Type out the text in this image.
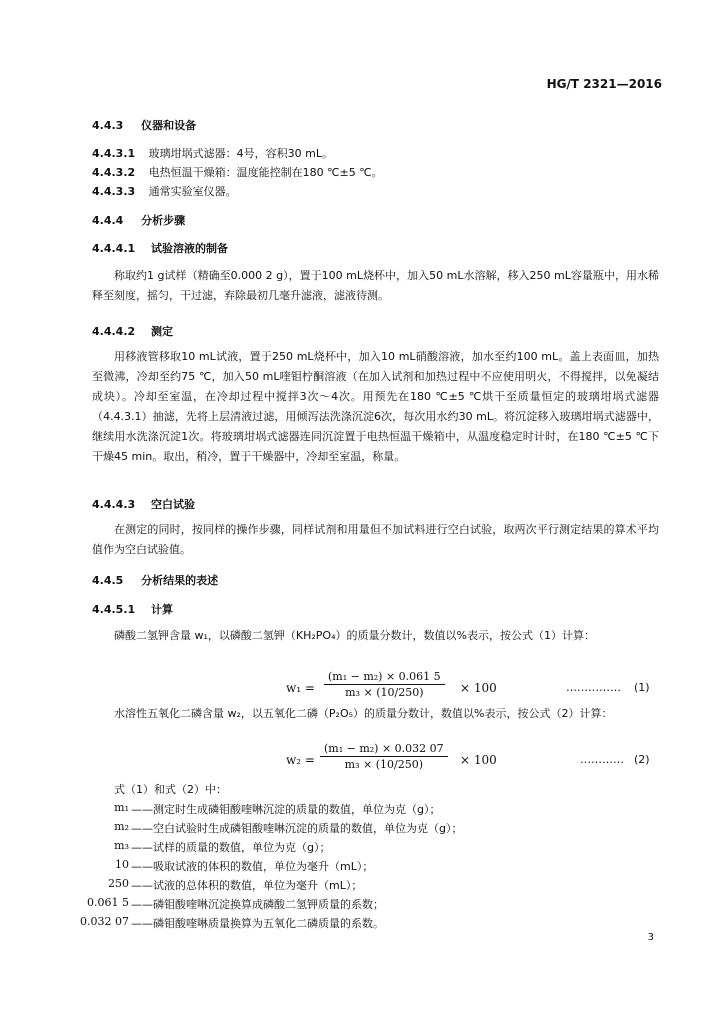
HG/T 2321—2016
4.4.3 仪器和设备
4.4.3.1 玻璃坩埚式滤器：4号，容积30 mL。
4.4.3.2 电热恒温干燥箱：温度能控制在180 ℃±5 ℃。
4.4.3.3 通常实验室仪器。
4.4.4 分析步骤
4.4.4.1 试验溶液的制备
称取约1 g试样（精确至0.000 2 g），置于100 mL烧杯中，加入50 mL水溶解，移入250 mL容量瓶中，用水稀释至刻度，摇匀，干过滤，弃除最初几毫升滤液，滤液待测。
4.4.4.2 测定
用移液管移取10 mL试液，置于250 mL烧杯中，加入10 mL硝酸溶液，加水至约100 mL。盖上表面皿，加热至微沸，冷却至约75 ℃，加入50 mL喹钼柠酮溶液（在加入试剂和加热过程中不应使用明火，不得搅拌，以免凝结成块）。冷却至室温，在冷却过程中搅拌3次～4次。用预先在180 ℃±5 ℃烘干至质量恒定的玻璃坩埚式滤器（4.4.3.1）抽滤，先将上层清液过滤，用倾泻法洗涤沉淀6次，每次用水约30 mL。将沉淀移入玻璃坩埚式滤器中，继续用水洗涤沉淀1次。将玻璃坩埚式滤器连同沉淀置于电热恒温干燥箱中，从温度稳定时计时，在180 ℃±5 ℃下干燥45 min。取出，稍冷，置于干燥器中，冷却至室温，称量。
4.4.4.3 空白试验
在测定的同时，按同样的操作步骤，同样试剂和用量但不加试料进行空白试验，取两次平行测定结果的算术平均值作为空白试验值。
4.4.5 分析结果的表述
4.4.5.1 计算
磷酸二氢钾含量 w₁，以磷酸二氢钾（KH₂PO₄）的质量分数计，数值以%表示，按公式（1）计算：
$w_1 = \frac{\text{(m₁ − m₂) × 0.061 5}}{\text{m₃ × (10/250)}} \times 100$	…………… (1)
水溶性五氧化二磷含量 w₂，以五氧化二磷（P₂O₅）的质量分数计，数值以%表示，按公式（2）计算：
$w_2 = \frac{\text{(m₁ − m₂) × 0.032 07}}{\text{m₃ × (10/250)}} \times 100$	………… (2)
式（1）和式（2）中：
m₁ ——测定时生成磷钼酸喹啉沉淀的质量的数值，单位为克（g）；
m₂ ——空白试验时生成磷钼酸喹啉沉淀的质量的数值，单位为克（g）；
m₃ ——试样的质量的数值，单位为克（g）；
10 ——吸取试液的体积的数值，单位为毫升（mL）；
250 ——试液的总体积的数值，单位为毫升（mL）；
0.061 5 ——磷钼酸喹啉沉淀换算成磷酸二氢钾质量的系数；
0.032 07 ——磷钼酸喹啉质量换算为五氧化二磷质量的系数。
3
